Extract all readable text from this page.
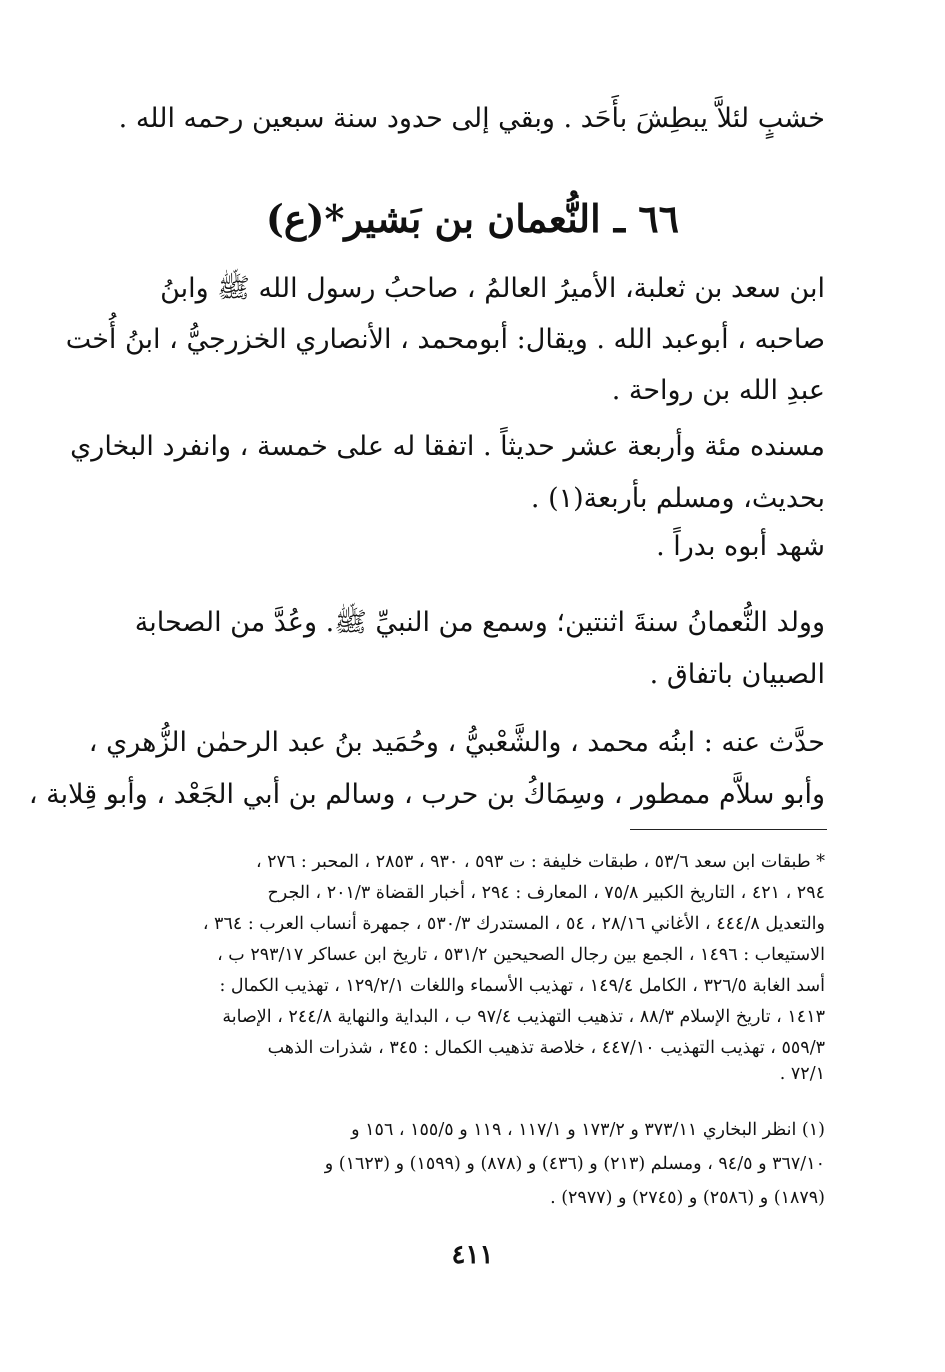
خشبٍ لئلاَّ يبطِشَ بأَحَد . وبقي إلى حدود سنة سبعين رحمه الله .
٦٦ ـ النُّعمان بن بَشير*(ع)
ابن سعد بن ثعلبة، الأميرُ العالمُ ، صاحبُ رسول الله ﷺ وابنُ
صاحبه ، أبوعبد الله . ويقال: أبومحمد ، الأنصاري الخزرجيُّ ، ابنُ أُخت
عبدِ الله بن رواحة .
مسنده مئة وأربعة عشر حديثاً . اتفقا له على خمسة ، وانفرد البخاري
بحديث، ومسلم بأربعة(١) .
شهد أبوه بدراً .
وولد النُّعمانُ سنةَ اثنتين؛ وسمع من النبيِّ ﷺ. وعُدَّ من الصحابة
الصبيان باتفاق .
حدَّث عنه : ابنُه محمد ، والشَّعْبيُّ ، وحُمَيد بنُ عبد الرحمٰن الزُّهري ،
وأبو سلاَّم ممطور ، وسِمَاكُ بن حرب ، وسالم بن أبي الجَعْد ، وأبو قِلابة ،
* طبقات ابن سعد ٥٣/٦ ، طبقات خليفة : ت ٥٩٣ ، ٩٣٠ ، ٢٨٥٣ ، المحبر : ٢٧٦ ،
٢٩٤ ، ٤٢١ ، التاريخ الكبير ٧٥/٨ ، المعارف : ٢٩٤ ، أخبار القضاة ٢٠١/٣ ، الجرح
والتعديل ٤٤٤/٨ ، الأغاني ٢٨/١٦ ، ٥٤ ، المستدرك ٥٣٠/٣ ، جمهرة أنساب العرب : ٣٦٤ ،
الاستيعاب : ١٤٩٦ ، الجمع بين رجال الصحيحين ٥٣١/٢ ، تاريخ ابن عساكر ٢٩٣/١٧ ب ،
أسد الغابة ٣٢٦/٥ ، الكامل ١٤٩/٤ ، تهذيب الأسماء واللغات ١٢٩/٢/١ ، تهذيب الكمال :
١٤١٣ ، تاريخ الإسلام ٨٨/٣ ، تذهيب التهذيب ٩٧/٤ ب ، البداية والنهاية ٢٤٤/٨ ، الإصابة
٥٥٩/٣ ، تهذيب التهذيب ٤٤٧/١٠ ، خلاصة تذهيب الكمال : ٣٤٥ ، شذرات الذهب
٧٢/١ .
(١) انظر البخاري ٣٧٣/١١ و ١٧٣/٢ و ١١٧/١ ، ١١٩ و ١٥٥/٥ ، ١٥٦ و
٣٦٧/١٠ و ٩٤/٥ ، ومسلم (٢١٣) و (٤٣٦) و (٨٧٨) و (١٥٩٩) و (١٦٢٣) و
(١٨٧٩) و (٢٥٨٦) و (٢٧٤٥) و (٢٩٧٧) .
٤١١
